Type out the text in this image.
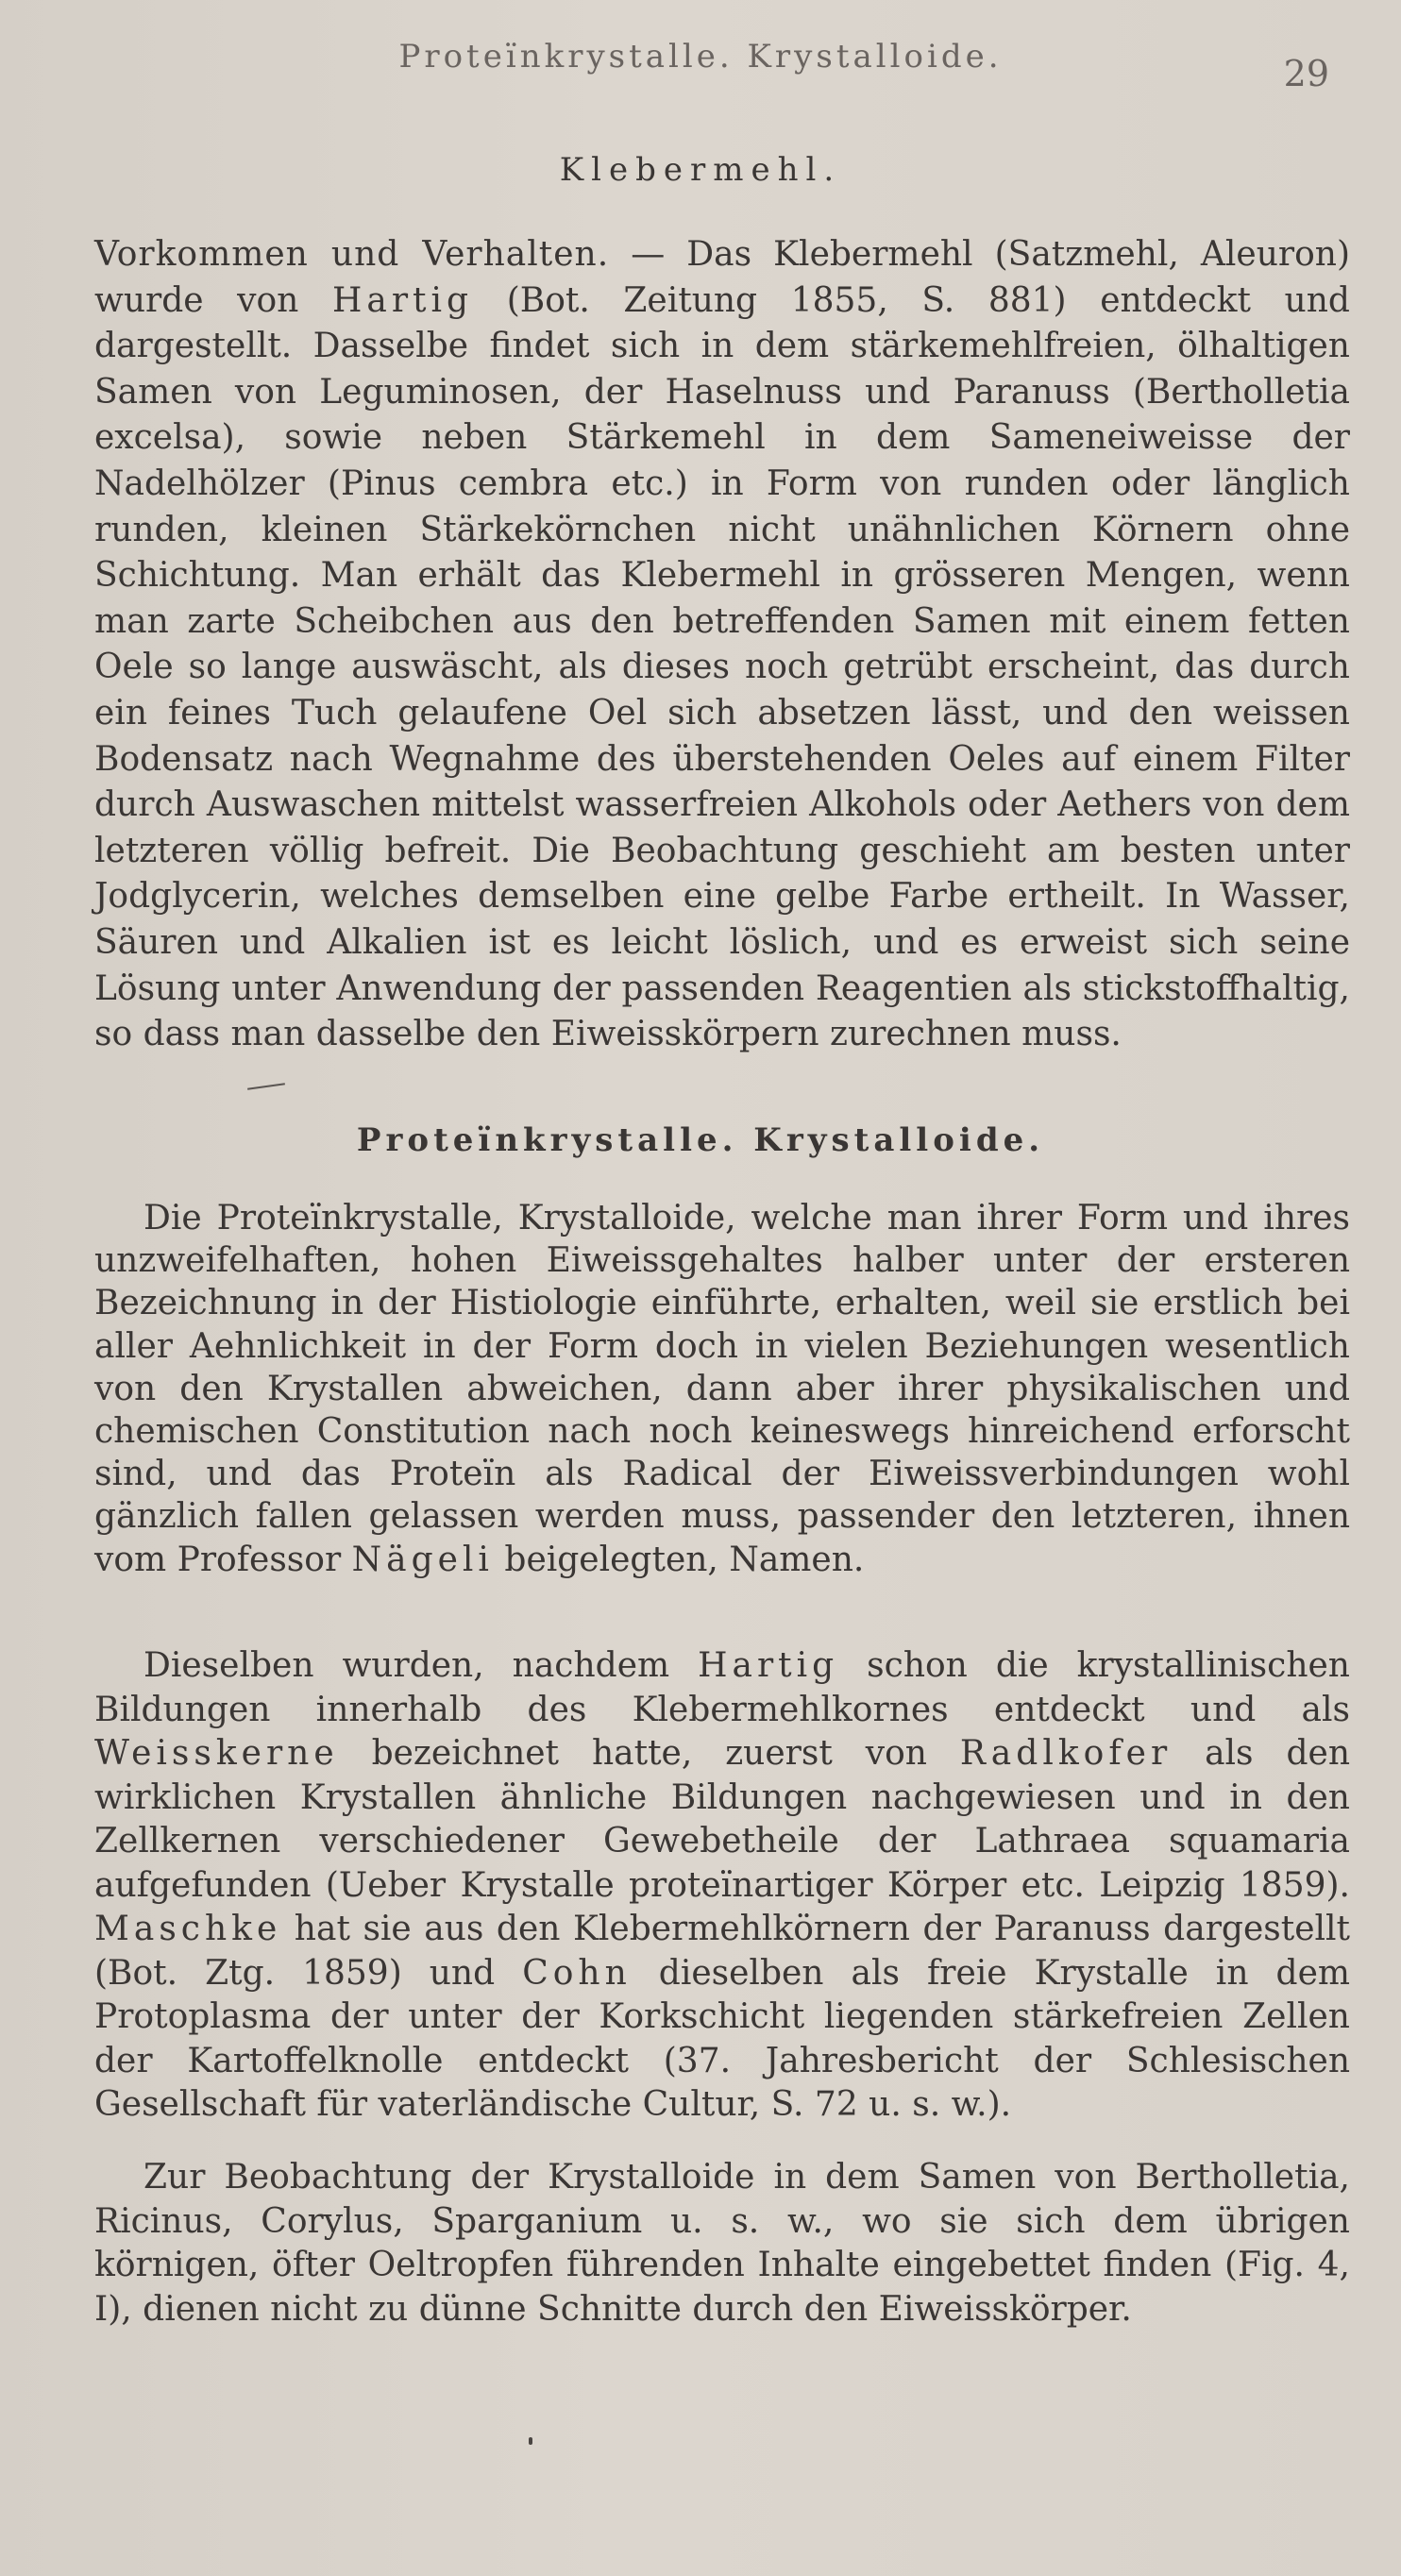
Proteïnkrystalle. Krystalloide.	29
Klebermehl.

Vorkommen und Verhalten. — Das Klebermehl (Satzmehl, Aleuron) wurde von Hartig (Bot. Zeitung 1855, S. 881) entdeckt und dargestellt. Dasselbe findet sich in dem stärkemehlfreien, ölhaltigen Samen von Leguminosen, der Haselnuss und Paranuss (Bertholletia excelsa), sowie neben Stärkemehl in dem Sameneiweisse der Nadelhölzer (Pinus cembra etc.) in Form von runden oder länglich runden, kleinen Stärkekörnchen nicht unähnlichen Körnern ohne Schichtung. Man erhält das Klebermehl in grösseren Mengen, wenn man zarte Scheibchen aus den betreffenden Samen mit einem fetten Oele so lange auswäscht, als dieses noch getrübt erscheint, das durch ein feines Tuch gelaufene Oel sich absetzen lässt, und den weissen Bodensatz nach Wegnahme des überstehenden Oeles auf einem Filter durch Auswaschen mittelst wasserfreien Alkohols oder Aethers von dem letzteren völlig befreit. Die Beobachtung geschieht am besten unter Jodglycerin, welches demselben eine gelbe Farbe ertheilt. In Wasser, Säuren und Alkalien ist es leicht löslich, und es erweist sich seine Lösung unter Anwendung der passenden Reagentien als stickstoffhaltig, so dass man dasselbe den Eiweisskörpern zurechnen muss.

Proteïnkrystalle. Krystalloide.

Die Proteïnkrystalle, Krystalloide, welche man ihrer Form und ihres unzweifelhaften, hohen Eiweissgehaltes halber unter der ersteren Bezeichnung in der Histiologie einführte, erhalten, weil sie erstlich bei aller Aehnlichkeit in der Form doch in vielen Beziehungen wesentlich von den Krystallen abweichen, dann aber ihrer physikalischen und chemischen Constitution nach noch keineswegs hinreichend erforscht sind, und das Proteïn als Radical der Eiweissverbindungen wohl gänzlich fallen gelassen werden muss, passender den letzteren, ihnen vom Professor Nägeli beigelegten, Namen.

Dieselben wurden, nachdem Hartig schon die krystallinischen Bildungen innerhalb des Klebermehlkornes entdeckt und als Weisskerne bezeichnet hatte, zuerst von Radlkofer als den wirklichen Krystallen ähnliche Bildungen nachgewiesen und in den Zellkernen verschiedener Gewebetheile der Lathraea squamaria aufgefunden (Ueber Krystalle proteïnartiger Körper etc. Leipzig 1859). Maschke hat sie aus den Klebermehlkörnern der Paranuss dargestellt (Bot. Ztg. 1859) und Cohn dieselben als freie Krystalle in dem Protoplasma der unter der Korkschicht liegenden stärkefreien Zellen der Kartoffelknolle entdeckt (37. Jahresbericht der Schlesischen Gesellschaft für vaterländische Cultur, S. 72 u. s. w.).

Zur Beobachtung der Krystalloide in dem Samen von Bertholletia, Ricinus, Corylus, Sparganium u. s. w., wo sie sich dem übrigen körnigen, öfter Oeltropfen führenden Inhalte eingebettet finden (Fig. 4, I), dienen nicht zu dünne Schnitte durch den Eiweisskörper.
